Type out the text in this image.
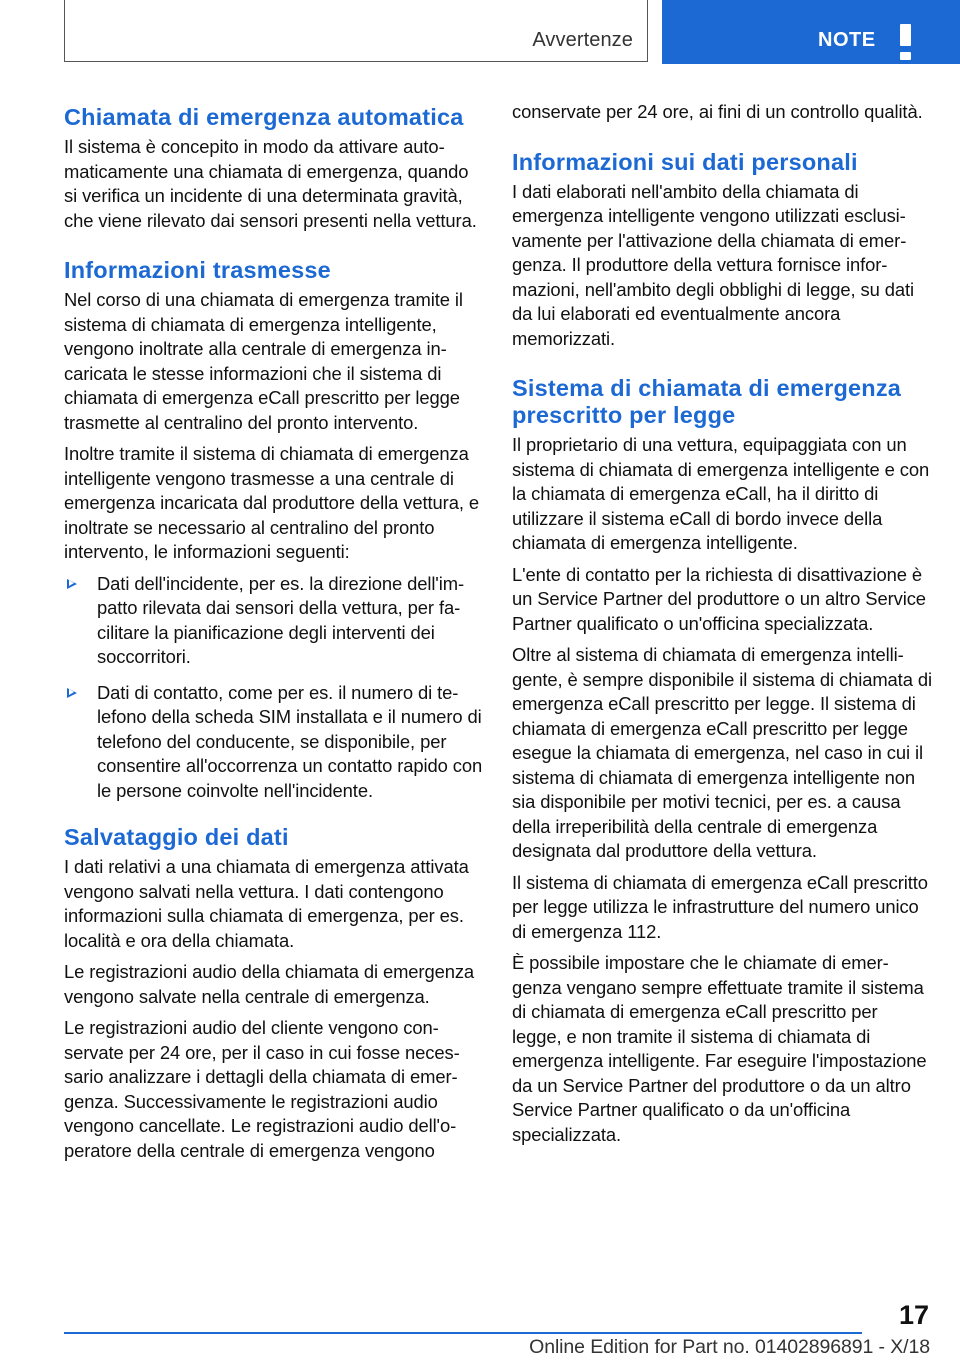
Avvertenze	NOTE
Chiamata di emergenza automatica

Il sistema è concepito in modo da attivare automaticamente una chiamata di emergenza, quando si verifica un incidente di una determinata gravità, che viene rilevato dai sensori presenti nella vettura.

Informazioni trasmesse

Nel corso di una chiamata di emergenza tramite il sistema di chiamata di emergenza intelligente, vengono inoltrate alla centrale di emergenza incaricata le stesse informazioni che il sistema di chiamata di emergenza eCall prescritto per legge trasmette al centralino del pronto intervento.

Inoltre tramite il sistema di chiamata di emergenza intelligente vengono trasmesse a una centrale di emergenza incaricata dal produttore della vettura, e inoltrate se necessario al centralino del pronto intervento, le informazioni seguenti:

Dati dell'incidente, per es. la direzione dell'impatto rilevata dai sensori della vettura, per facilitare la pianificazione degli interventi dei soccorritori.
Dati di contatto, come per es. il numero di telefono della scheda SIM installata e il numero di telefono del conducente, se disponibile, per consentire all'occorrenza un contatto rapido con le persone coinvolte nell'incidente.
Salvataggio dei dati

I dati relativi a una chiamata di emergenza attivata vengono salvati nella vettura. I dati contengono informazioni sulla chiamata di emergenza, per es. località e ora della chiamata.

Le registrazioni audio della chiamata di emergenza vengono salvate nella centrale di emergenza.

Le registrazioni audio del cliente vengono conservate per 24 ore, per il caso in cui fosse necessario analizzare i dettagli della chiamata di emergenza. Successivamente le registrazioni audio vengono cancellate. Le registrazioni audio dell'operatore della centrale di emergenza vengono

conservate per 24 ore, ai fini di un controllo qualità.

Informazioni sui dati personali

I dati elaborati nell'ambito della chiamata di emergenza intelligente vengono utilizzati esclusivamente per l'attivazione della chiamata di emergenza. Il produttore della vettura fornisce informazioni, nell'ambito degli obblighi di legge, su dati da lui elaborati ed eventualmente ancora memorizzati.

Sistema di chiamata di emergenza prescritto per legge

Il proprietario di una vettura, equipaggiata con un sistema di chiamata di emergenza intelligente e con la chiamata di emergenza eCall, ha il diritto di utilizzare il sistema eCall di bordo invece della chiamata di emergenza intelligente.

L'ente di contatto per la richiesta di disattivazione è un Service Partner del produttore o un altro Service Partner qualificato o un'officina specializzata.

Oltre al sistema di chiamata di emergenza intelligente, è sempre disponibile il sistema di chiamata di emergenza eCall prescritto per legge. Il sistema di chiamata di emergenza eCall prescritto per legge esegue la chiamata di emergenza, nel caso in cui il sistema di chiamata di emergenza intelligente non sia disponibile per motivi tecnici, per es. a causa della irreperibilità della centrale di emergenza designata dal produttore della vettura.

Il sistema di chiamata di emergenza eCall prescritto per legge utilizza le infrastrutture del numero unico di emergenza 112.

È possibile impostare che le chiamate di emergenza vengano sempre effettuate tramite il sistema di chiamata di emergenza eCall prescritto per legge, e non tramite il sistema di chiamata di emergenza intelligente. Far eseguire l'impostazione da un Service Partner del produttore o da un altro Service Partner qualificato o da un'officina specializzata.

17
Online Edition for Part no. 01402896891 - X/18
